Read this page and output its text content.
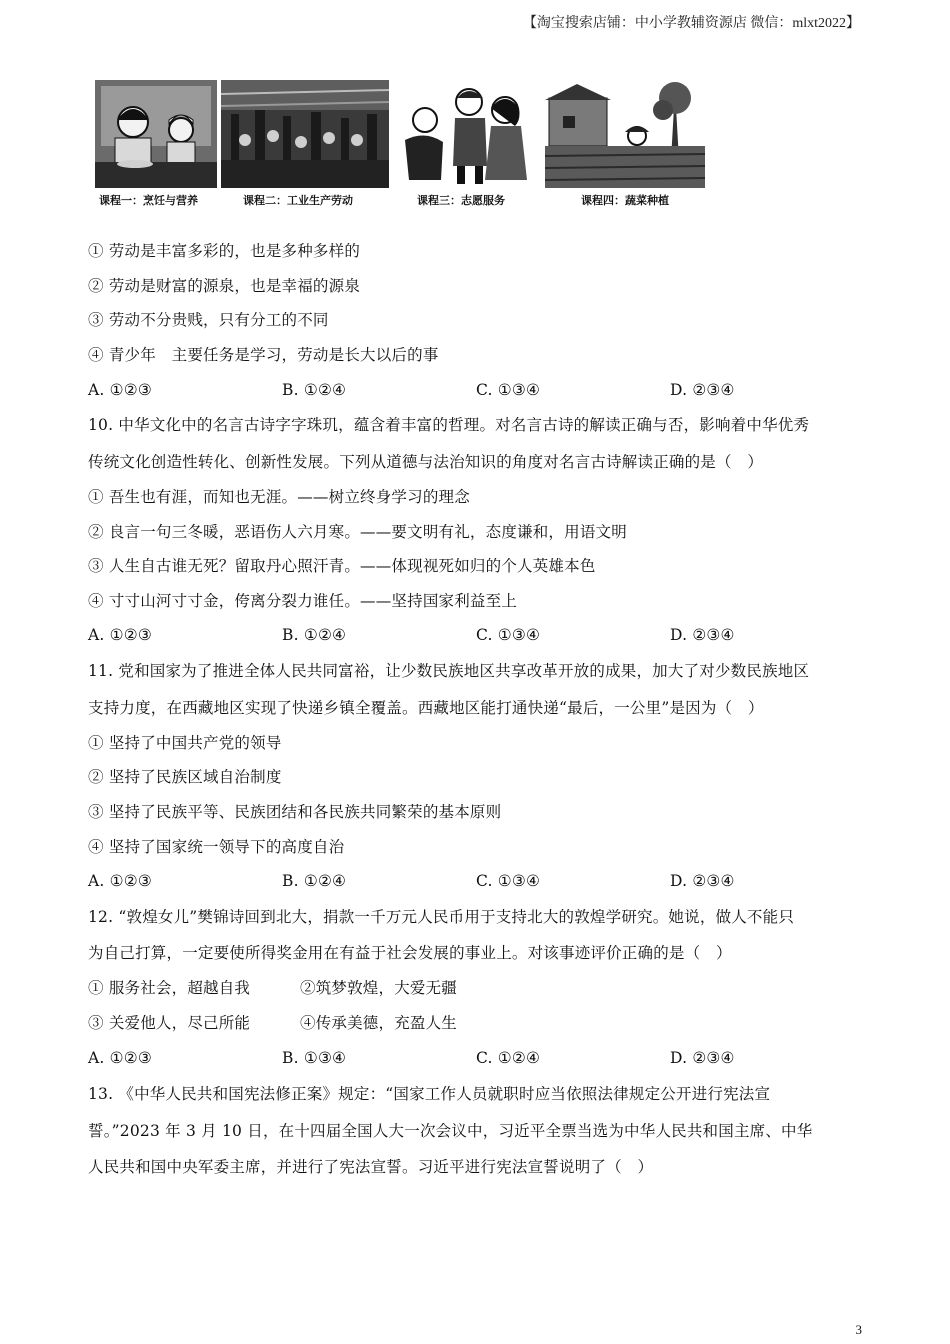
【淘宝搜索店铺：中小学教辅资源店 微信：mlxt2022】
课程一：烹饪与营养	课程二：工业生产劳动	课程三：志愿服务	课程四：蔬菜种植
① 劳动是丰富多彩的，也是多种多样的
② 劳动是财富的源泉，也是幸福的源泉
③ 劳动不分贵贱，只有分工的不同
④ 青少年　主要任务是学习，劳动是长大以后的事
A. ①②③	B. ①②④	C. ①③④	D. ②③④
10. 中华文化中的名言古诗字字珠玑，蕴含着丰富的哲理。对名言古诗的解读正确与否，影响着中华优秀
传统文化创造性转化、创新性发展。下列从道德与法治知识的角度对名言古诗解读正确的是（　）
① 吾生也有涯，而知也无涯。——树立终身学习的理念
② 良言一句三冬暖，恶语伤人六月寒。——要文明有礼，态度谦和，用语文明
③ 人生自古谁无死？留取丹心照汗青。——体现视死如归的个人英雄本色
④ 寸寸山河寸寸金，侉离分裂力谁任。——坚持国家利益至上
A. ①②③	B. ①②④	C. ①③④	D. ②③④
11. 党和国家为了推进全体人民共同富裕，让少数民族地区共享改革开放的成果，加大了对少数民族地区
支持力度，在西藏地区实现了快递乡镇全覆盖。西藏地区能打通快递“最后，一公里”是因为（　）
① 坚持了中国共产党的领导
② 坚持了民族区域自治制度
③ 坚持了民族平等、民族团结和各民族共同繁荣的基本原则
④ 坚持了国家统一领导下的高度自治
A. ①②③	B. ①②④	C. ①③④	D. ②③④
12. “敦煌女儿”樊锦诗回到北大，捐款一千万元人民币用于支持北大的敦煌学研究。她说，做人不能只
为自己打算，一定要使所得奖金用在有益于社会发展的事业上。对该事迹评价正确的是（　）
① 服务社会，超越自我	②筑梦敦煌，大爱无疆
③ 关爱他人，尽己所能	④传承美德，充盈人生
A. ①②③	B. ①③④	C. ①②④	D. ②③④
13. 《中华人民共和国宪法修正案》规定：“国家工作人员就职时应当依照法律规定公开进行宪法宣
誓。”2023 年 3 月 10 日，在十四届全国人大一次会议中，习近平全票当选为中华人民共和国主席、中华
人民共和国中央军委主席，并进行了宪法宣誓。习近平进行宪法宣誓说明了（　）
3
